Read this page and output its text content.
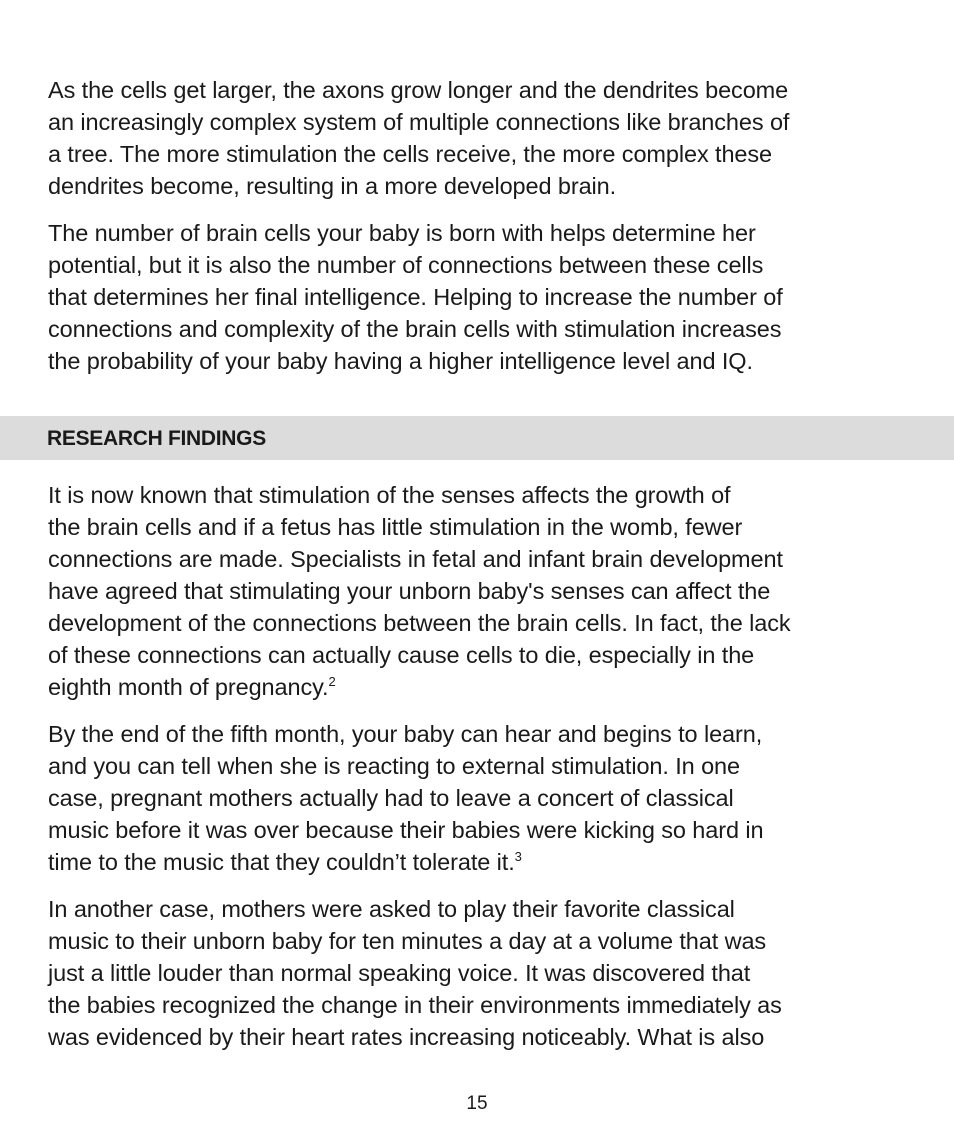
As the cells get larger, the axons grow longer and the dendrites become
an increasingly complex system of multiple connections like branches of
a tree. The more stimulation the cells receive, the more complex these
dendrites become, resulting in a more developed brain.

The number of brain cells your baby is born with helps determine her
potential, but it is also the number of connections between these cells
that determines her final intelligence. Helping to increase the number of
connections and complexity of the brain cells with stimulation increases
the probability of your baby having a higher intelligence level and IQ.

RESEARCH FINDINGS

It is now known that stimulation of the senses affects the growth of
the brain cells and if a fetus has little stimulation in the womb, fewer
connections are made. Specialists in fetal and infant brain development
have agreed that stimulating your unborn baby's senses can affect the
development of the connections between the brain cells. In fact, the lack
of these connections can actually cause cells to die, especially in the
eighth month of pregnancy.$^2$

By the end of the fifth month, your baby can hear and begins to learn,
and you can tell when she is reacting to external stimulation. In one
case, pregnant mothers actually had to leave a concert of classical
music before it was over because their babies were kicking so hard in
time to the music that they couldn’t tolerate it.$^3$

In another case, mothers were asked to play their favorite classical
music to their unborn baby for ten minutes a day at a volume that was
just a little louder than normal speaking voice. It was discovered that
the babies recognized the change in their environments immediately as
was evidenced by their heart rates increasing noticeably. What is also

15
